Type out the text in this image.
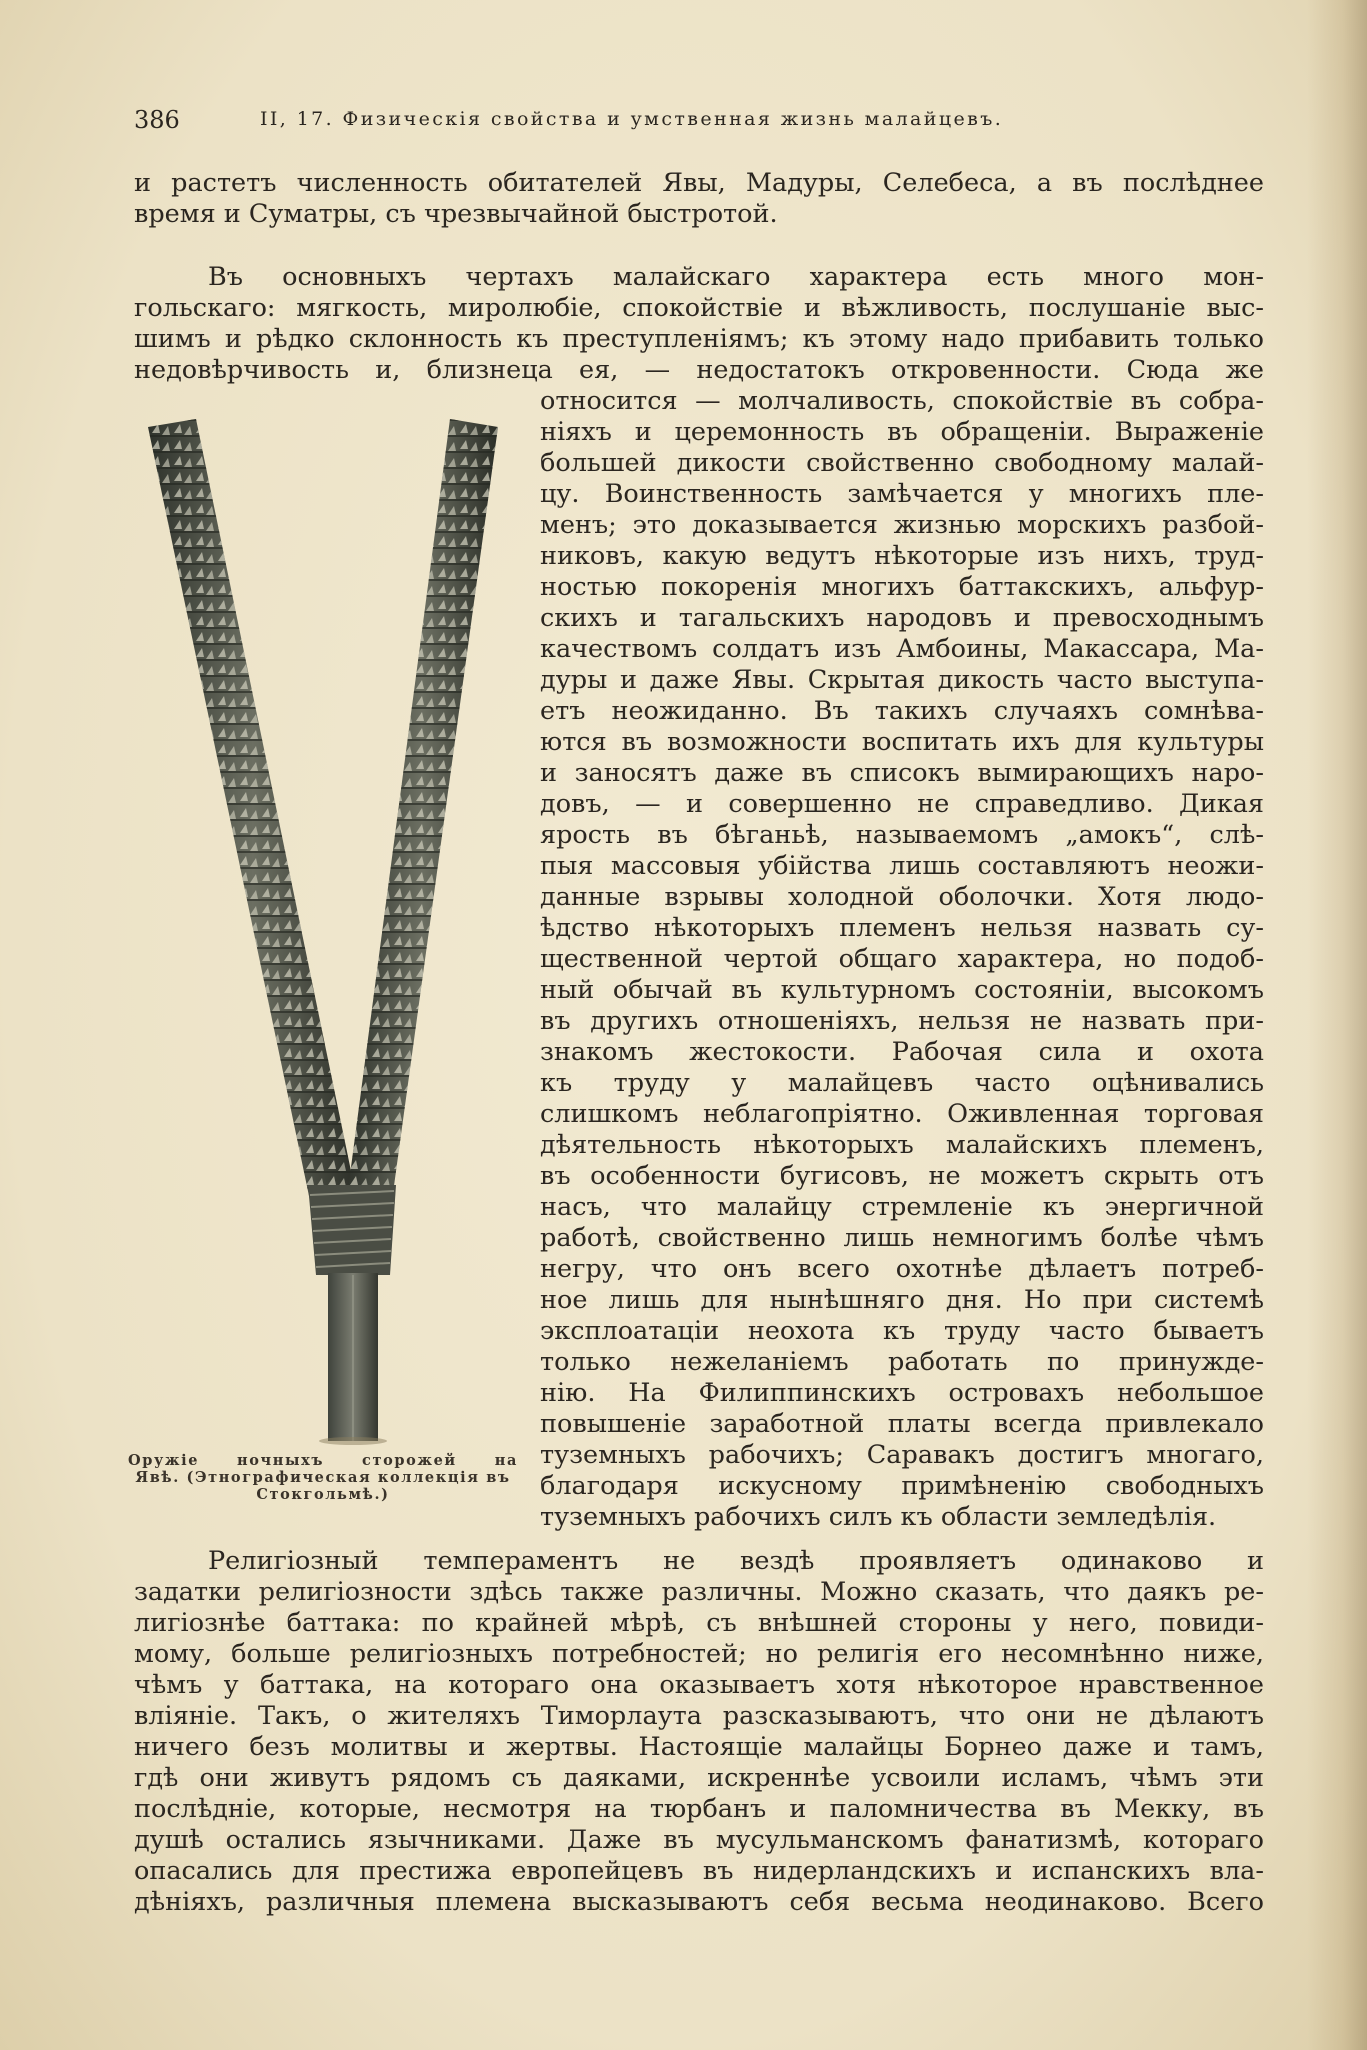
386	II, 17. Физическія свойства и умственная жизнь малайцевъ.
и растетъ численность обитателей Явы, Мадуры, Селебеса, а въ послѣднее
время и Суматры, съ чрезвычайной быстротой.
Въ основныхъ чертахъ малайскаго характера есть много мон-
гольскаго: мягкость, миролюбіе, спокойствіе и вѣжливость, послушаніе выс-
шимъ и рѣдко склонность къ преступленіямъ; къ этому надо прибавить только
недовѣрчивость и, близнеца ея, — недостатокъ откровенности. Сюда же
относится — молчаливость, спокойствіе въ собра-
ніяхъ и церемонность въ обращеніи. Выраженіе
большей дикости свойственно свободному малай-
цу. Воинственность замѣчается у многихъ пле-
менъ; это доказывается жизнью морскихъ разбой-
никовъ, какую ведутъ нѣкоторые изъ нихъ, труд-
ностью покоренія многихъ баттакскихъ, альфур-
скихъ и тагальскихъ народовъ и превосходнымъ
качествомъ солдатъ изъ Амбоины, Макассара, Ма-
дуры и даже Явы. Скрытая дикость часто выступа-
етъ неожиданно. Въ такихъ случаяхъ сомнѣва-
ются въ возможности воспитать ихъ для культуры
и заносятъ даже въ списокъ вымирающихъ наро-
довъ, — и совершенно не справедливо. Дикая
ярость въ бѣганьѣ, называемомъ „амокъ“, слѣ-
пыя массовыя убійства лишь составляютъ неожи-
данные взрывы холодной оболочки. Хотя людо-
ѣдство нѣкоторыхъ племенъ нельзя назвать су-
щественной чертой общаго характера, но подоб-
ный обычай въ культурномъ состояніи, высокомъ
въ другихъ отношеніяхъ, нельзя не назвать при-
знакомъ жестокости. Рабочая сила и охота
къ труду у малайцевъ часто оцѣнивались
слишкомъ неблагопріятно. Оживленная торговая
дѣятельность нѣкоторыхъ малайскихъ племенъ,
въ особенности бугисовъ, не можетъ скрыть отъ
насъ, что малайцу стремленіе къ энергичной
работѣ, свойственно лишь немногимъ болѣе чѣмъ
негру, что онъ всего охотнѣе дѣлаетъ потреб-
ное лишь для нынѣшняго дня. Но при системѣ
эксплоатаціи неохота къ труду часто бываетъ
только нежеланіемъ работать по принужде-
нію. На Филиппинскихъ островахъ небольшое
повышеніе заработной платы всегда привлекало
туземныхъ рабочихъ; Саравакъ достигъ многаго,
благодаря искусному примѣненію свободныхъ
туземныхъ рабочихъ силъ къ области земледѣлія.
Оружіе ночныхъ сторожей на
Явѣ. (Этнографическая коллекція въ
Стокгольмѣ.)
Религіозный темпераментъ не вездѣ проявляетъ одинаково и
задатки религіозности здѣсь также различны. Можно сказать, что даякъ ре-
лигіознѣе баттака: по крайней мѣрѣ, съ внѣшней стороны у него, повиди-
мому, больше религіозныхъ потребностей; но религія его несомнѣнно ниже,
чѣмъ у баттака, на котораго она оказываетъ хотя нѣкоторое нравственное
вліяніе. Такъ, о жителяхъ Тиморлаута разсказываютъ, что они не дѣлаютъ
ничего безъ молитвы и жертвы. Настоящіе малайцы Борнео даже и тамъ,
гдѣ они живутъ рядомъ съ даяками, искреннѣе усвоили исламъ, чѣмъ эти
послѣдніе, которые, несмотря на тюрбанъ и паломничества въ Мекку, въ
душѣ остались язычниками. Даже въ мусульманскомъ фанатизмѣ, котораго
опасались для престижа европейцевъ въ нидерландскихъ и испанскихъ вла-
дѣніяхъ, различныя племена высказываютъ себя весьма неодинаково. Всего
